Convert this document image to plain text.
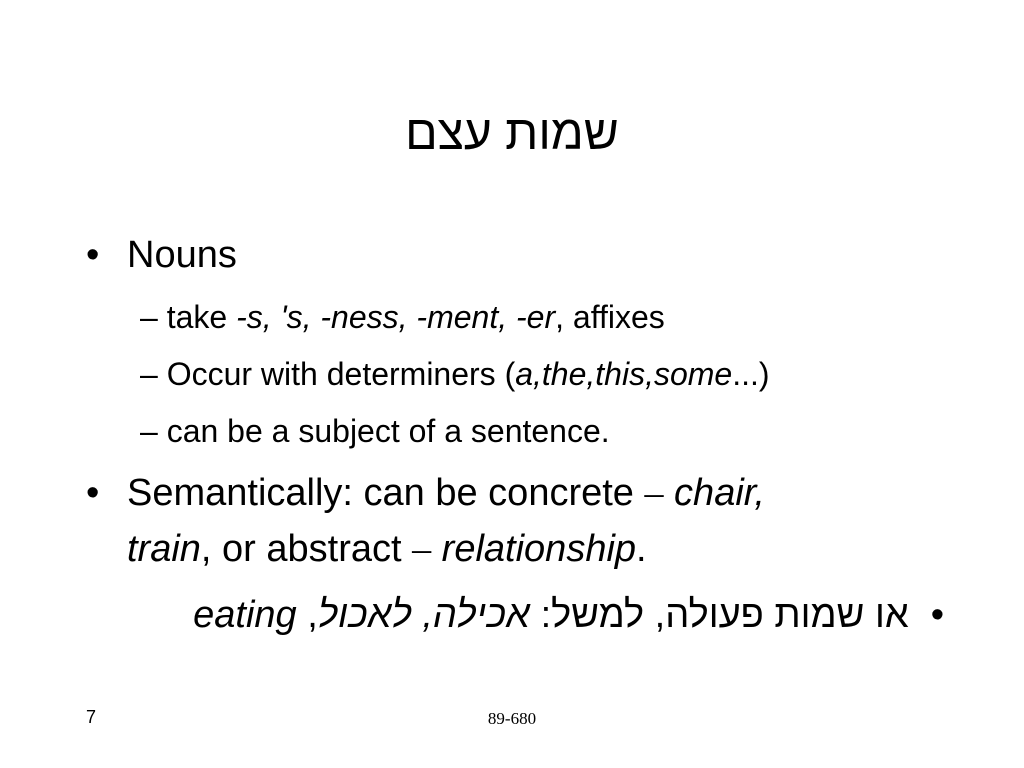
שמות עצם
• Nouns
– take -s, 's, -ness, -ment, -er, affixes
– Occur with determiners (a,the,this,some...)
– can be a subject of a sentence.
• Semantically: can be concrete – chair,
train, or abstract – relationship.
•או שמות פעולה, למשל: אכילה, לאכול, eating
7	89-680
